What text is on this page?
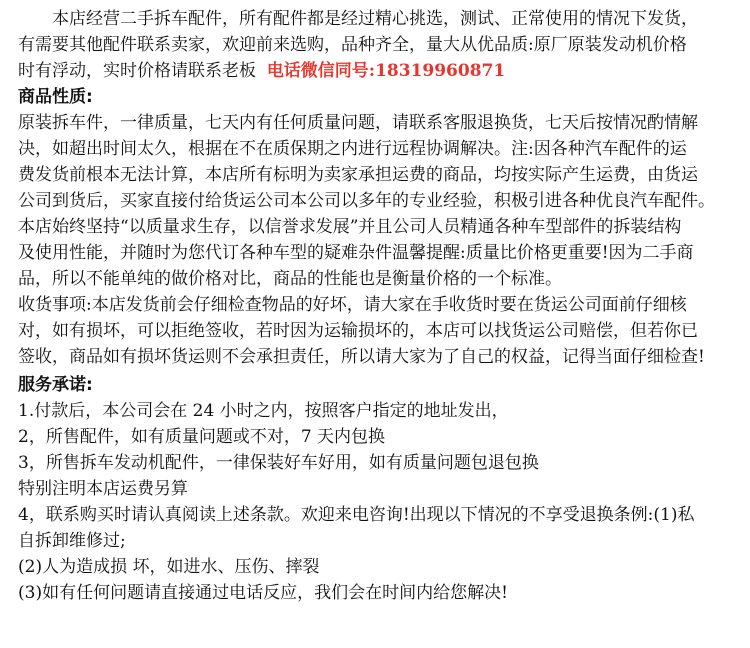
本店经营二手拆车配件，所有配件都是经过精心挑选，测试、正常使用的情况下发货，
有需要其他配件联系卖家，欢迎前来选购，品种齐全，量大从优品质:原厂原装发动机价格
时有浮动，实时价格请联系老板 电话微信同号:18319960871
商品性质:
原装拆车件，一律质量，七天内有任何质量问题，请联系客服退换货，七天后按情况酌情解
决，如超出时间太久，根据在不在质保期之内进行远程协调解决。注:因各种汽车配件的运
费发货前根本无法计算，本店所有标明为卖家承担运费的商品，均按实际产生运费，由货运
公司到货后，买家直接付给货运公司本公司以多年的专业经验，积极引进各种优良汽车配件。
本店始终坚持“以质量求生存，以信誉求发展”并且公司人员精通各种车型部件的拆装结构
及使用性能，并随时为您代订各种车型的疑难杂件温馨提醒:质量比价格更重要!因为二手商
品，所以不能单纯的做价格对比，商品的性能也是衡量价格的一个标准。
收货事项:本店发货前会仔细检查物品的好坏，请大家在手收货时要在货运公司面前仔细核
对，如有损坏，可以拒绝签收，若时因为运输损坏的，本店可以找货运公司赔偿，但若你已
签收，商品如有损坏货运则不会承担责任，所以请大家为了自己的权益，记得当面仔细检查!
服务承诺:
1.付款后，本公司会在 24 小时之内，按照客户指定的地址发出，
2，所售配件，如有质量问题或不对，7 天内包换
3，所售拆车发动机配件，一律保装好车好用，如有质量问题包退包换
特别注明本店运费另算
4，联系购买时请认真阅读上述条款。欢迎来电咨询!出现以下情况的不享受退换条例:(1)私
自拆卸维修过;
(2)人为造成损 坏，如进水、压伤、摔裂
(3)如有任何问题请直接通过电话反应，我们会在时间内给您解决!
